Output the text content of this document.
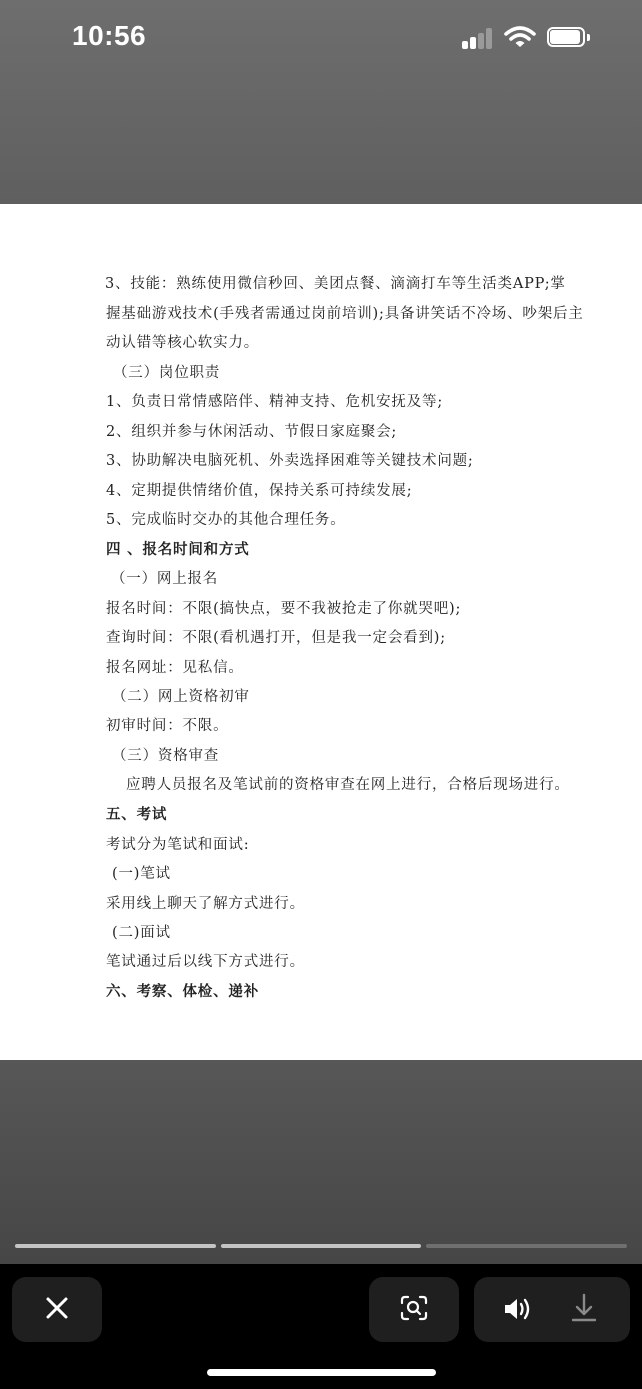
10:56
3、技能：熟练使用微信秒回、美团点餐、滴滴打车等生活类APP;掌
握基础游戏技术(手残者需通过岗前培训);具备讲笑话不冷场、吵架后主
动认错等核心软实力。
（三）岗位职责
1、负责日常情感陪伴、精神支持、危机安抚及等;
2、组织并参与休闲活动、节假日家庭聚会;
3、协助解决电脑死机、外卖选择困难等关键技术问题;
4、定期提供情绪价值，保持关系可持续发展;
5、完成临时交办的其他合理任务。
四 、报名时间和方式
（一）网上报名
报名时间：不限(搞快点，要不我被抢走了你就哭吧);
查询时间：不限(看机遇打开，但是我一定会看到);
报名网址：见私信。
（二）网上资格初审
初审时间：不限。
（三）资格审查
应聘人员报名及笔试前的资格审查在网上进行，合格后现场进行。
五、考试
考试分为笔试和面试:
(一)笔试
采用线上聊天了解方式进行。
(二)面试
笔试通过后以线下方式进行。
六、考察、体检、递补
